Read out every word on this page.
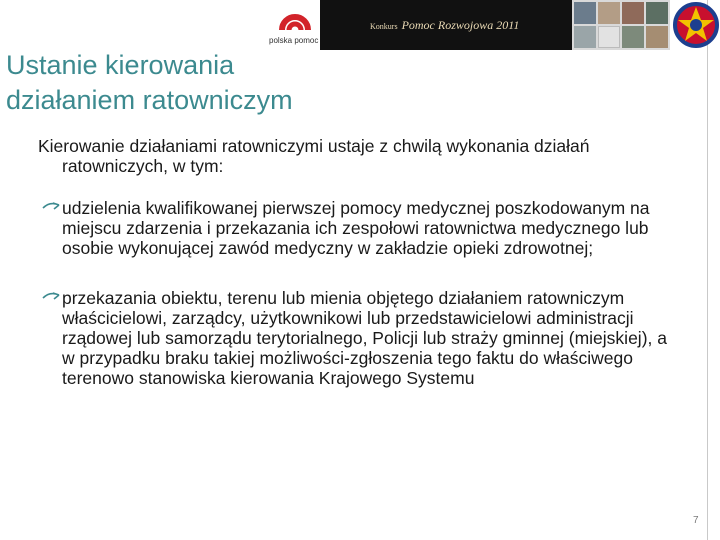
polska pomoc
Konkurs Pomoc Rozwojowa 2011
Ustanie kierowania
działaniem ratowniczym

Kierowanie działaniami ratowniczymi ustaje z chwilą wykonania działań ratowniczych, w tym:

udzielenia kwalifikowanej pierwszej pomocy medycznej poszkodowanym na miejscu zdarzenia i przekazania ich zespołowi ratownictwa medycznego lub osobie wykonującej zawód medyczny w zakładzie opieki zdrowotnej;
przekazania obiektu, terenu lub mienia objętego działaniem ratowniczym właścicielowi, zarządcy, użytkownikowi lub przedstawicielowi administracji rządowej lub samorządu terytorialnego, Policji lub straży gminnej (miejskiej), a w przypadku braku takiej możliwości-zgłoszenia tego faktu do właściwego terenowo stanowiska kierowania Krajowego Systemu
7
